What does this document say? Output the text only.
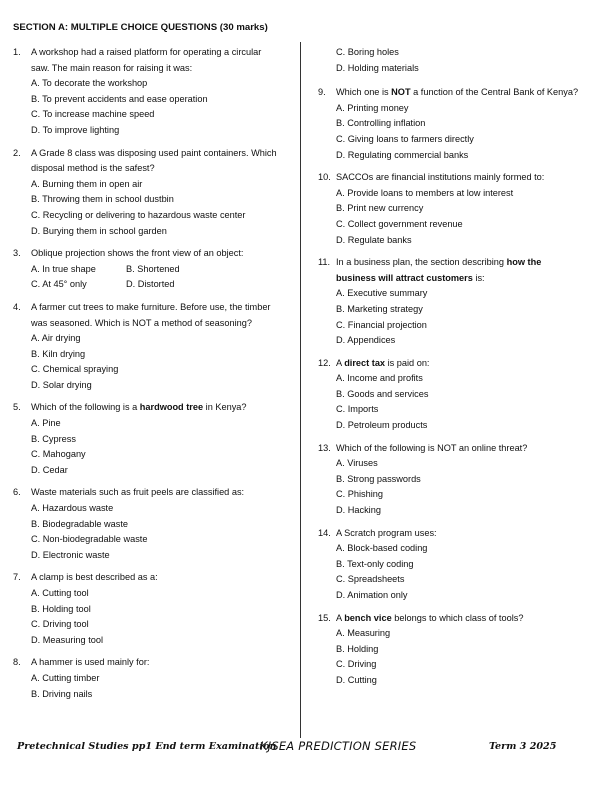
SECTION A: MULTIPLE CHOICE QUESTIONS (30 marks)
1.	A workshop had a raised platform for operating a circular saw. The main reason for raising it was:
A. To decorate the workshop
B. To prevent accidents and ease operation
C. To increase machine speed
D. To improve lighting
2.	A Grade 8 class was disposing used paint containers. Which disposal method is the safest?
A. Burning them in open air
B. Throwing them in school dustbin
C. Recycling or delivering to hazardous waste center
D. Burying them in school garden
3.	Oblique projection shows the front view of an object:
A. In true shape	B. Shortened
C. At 45° only	D. Distorted
4.	A farmer cut trees to make furniture. Before use, the timber was seasoned. Which is NOT a method of seasoning?
A. Air drying
B. Kiln drying
C. Chemical spraying
D. Solar drying
5.	Which of the following is a hardwood tree in Kenya?
A. Pine
B. Cypress
C. Mahogany
D. Cedar
6.	Waste materials such as fruit peels are classified as:
A. Hazardous waste
B. Biodegradable waste
C. Non-biodegradable waste
D. Electronic waste
7.	A clamp is best described as a:
A. Cutting tool
B. Holding tool
C. Driving tool
D. Measuring tool
8.	A hammer is used mainly for:
A. Cutting timber
B. Driving nails
C. Boring holes
D. Holding materials
9.	Which one is NOT a function of the Central Bank of Kenya?
A. Printing money
B. Controlling inflation
C. Giving loans to farmers directly
D. Regulating commercial banks
10. SACCOs are financial institutions mainly formed to:
A. Provide loans to members at low interest
B. Print new currency
C. Collect government revenue
D. Regulate banks
11. In a business plan, the section describing how the business will attract customers is:
A. Executive summary
B. Marketing strategy
C. Financial projection
D. Appendices
12. A direct tax is paid on:
A. Income and profits
B. Goods and services
C. Imports
D. Petroleum products
13. Which of the following is NOT an online threat?
A. Viruses
B. Strong passwords
C. Phishing
D. Hacking
14. A Scratch program uses:
A. Block-based coding
B. Text-only coding
C. Spreadsheets
D. Animation only
15. A bench vice belongs to which class of tools?
A. Measuring
B. Holding
C. Driving
D. Cutting
Pretechnical Studies pp1 End term Examination
KJSEA PREDICTION SERIES	Term 3 2025
